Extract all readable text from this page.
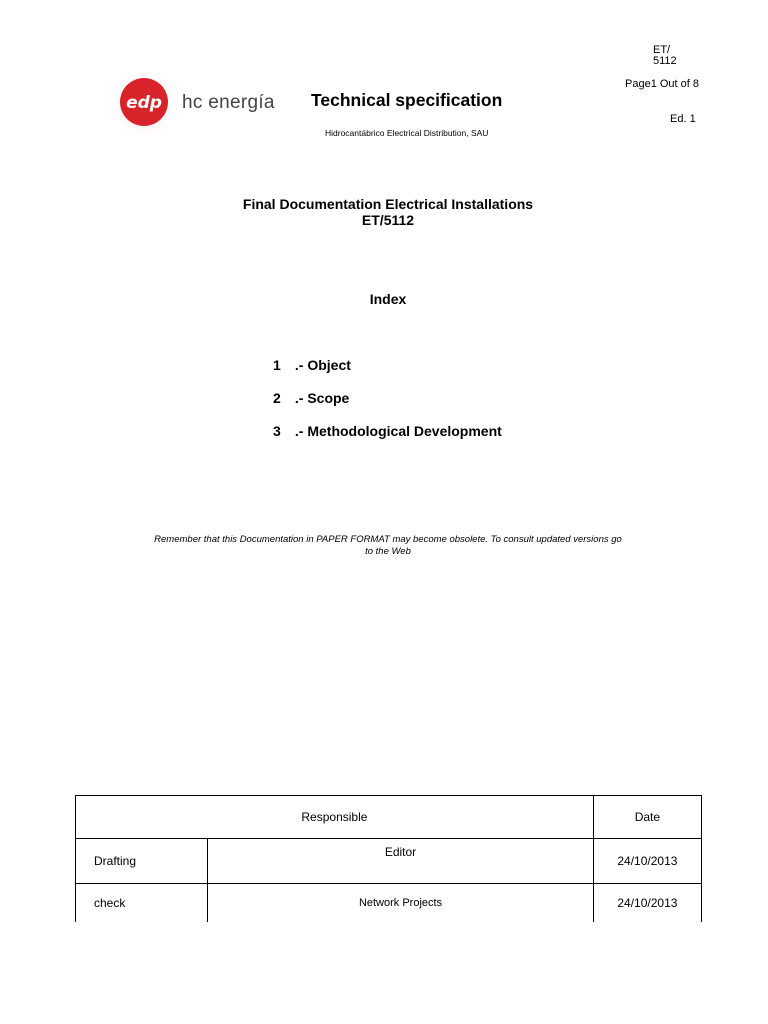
edp hc energía Technical specification
Hidrocantábrico Electrical Distribution, SAU
ET/ 5112
Page1 Out of 8
Ed. 1
Final Documentation Electrical Installations
ET/5112
Index
1 .- Object
2 .- Scope
3 .- Methodological Development
Remember that this Documentation in PAPER FORMAT may become obsolete. To consult updated versions go to the Web
Responsible		Date
Drafting	Editor	24/10/2013
check	Network Projects	24/10/2013
